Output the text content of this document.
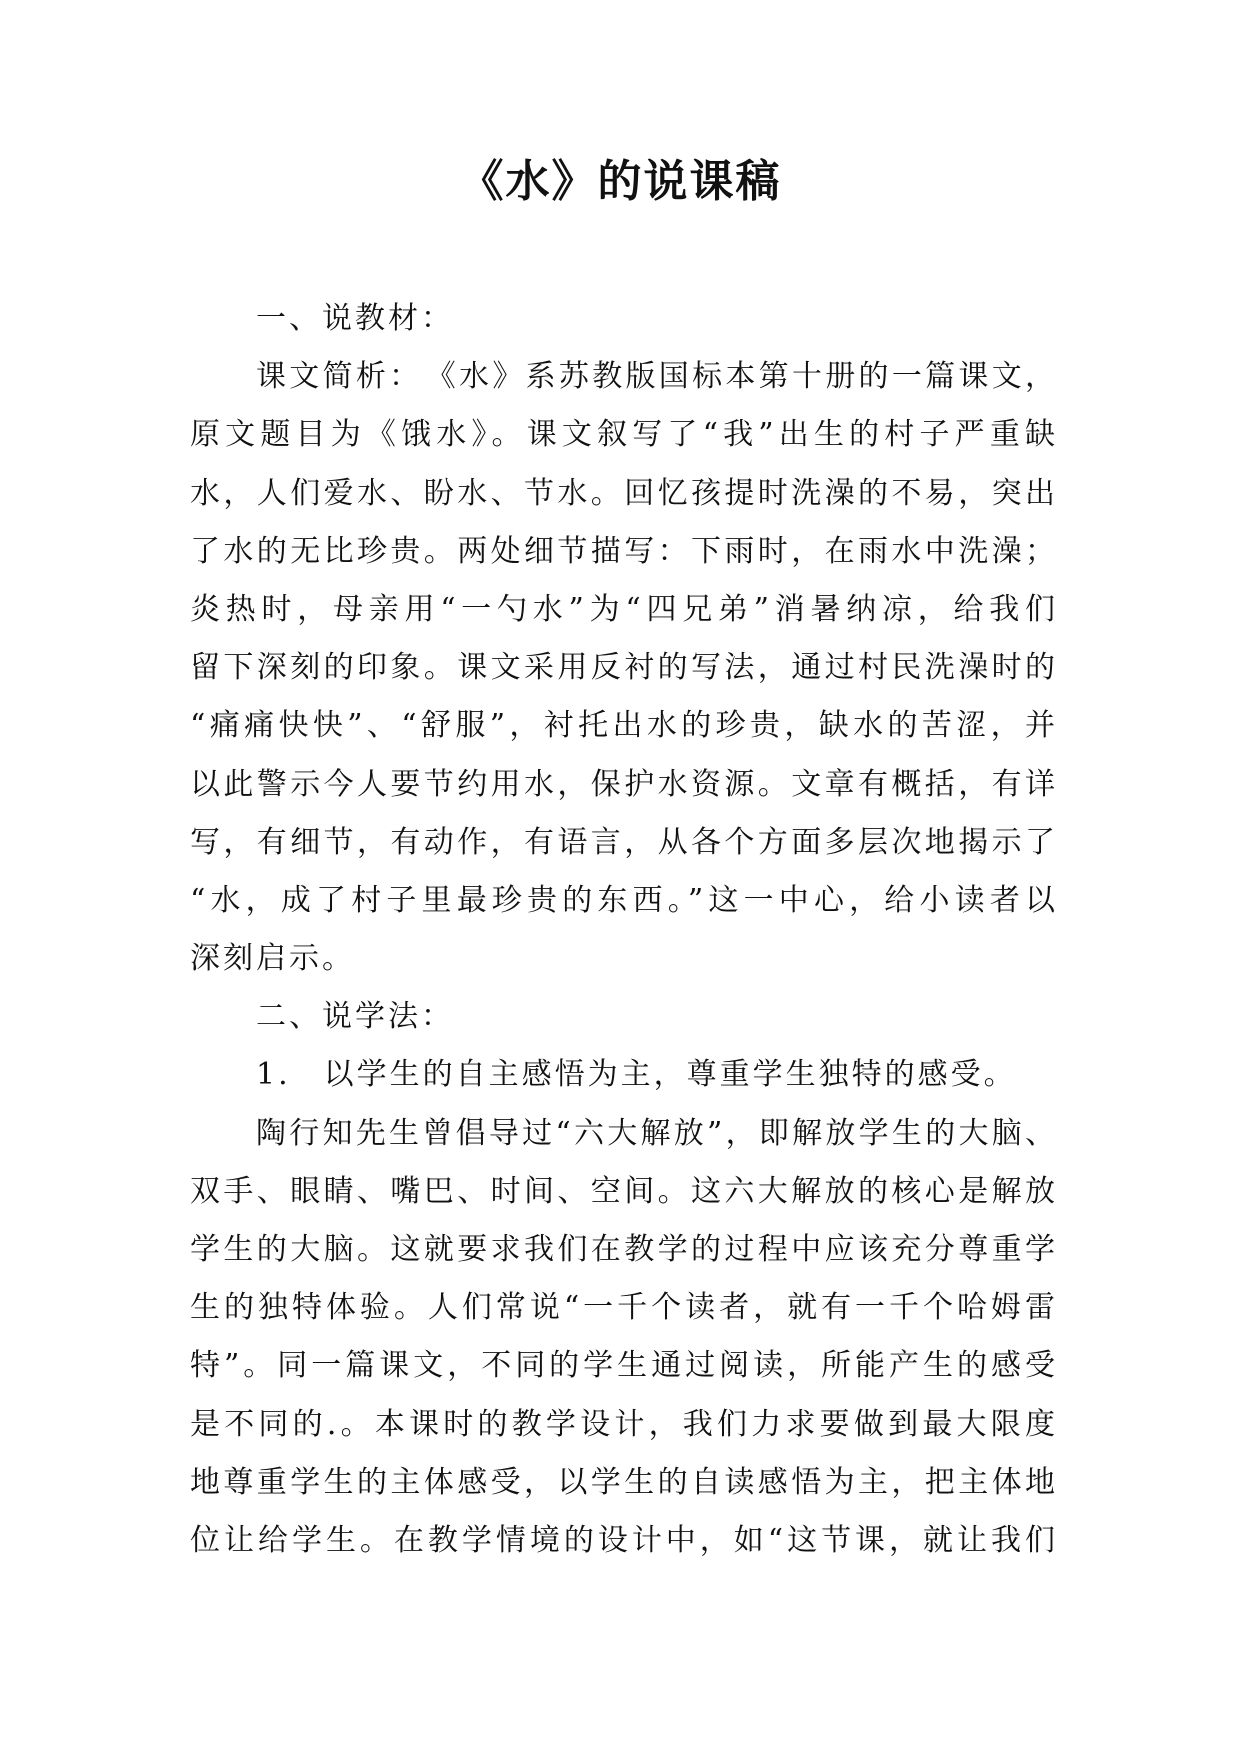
《水》的说课稿
一、说教材：
课文简析：　《水》系苏教版国标本第十册的一篇课文，
原文题目为《饿水》。课文叙写了“我”出生的村子严重缺
水，人们爱水、盼水、节水。回忆孩提时洗澡的不易，突出
了水的无比珍贵。两处细节描写：下雨时，在雨水中洗澡；
炎热时，母亲用“一勺水”为“四兄弟”消暑纳凉，给我们
留下深刻的印象。课文采用反衬的写法，通过村民洗澡时的
“痛痛快快”、“舒服”，衬托出水的珍贵，缺水的苦涩，并
以此警示今人要节约用水，保护水资源。文章有概括，有详
写，有细节，有动作，有语言，从各个方面多层次地揭示了
“水，成了村子里最珍贵的东西。”这一中心，给小读者以
深刻启示。
二、说学法：
1.　以学生的自主感悟为主，尊重学生独特的感受。
陶行知先生曾倡导过“六大解放”，即解放学生的大脑、
双手、眼睛、嘴巴、时间、空间。这六大解放的核心是解放
学生的大脑。这就要求我们在教学的过程中应该充分尊重学
生的独特体验。人们常说“一千个读者，就有一千个哈姆雷
特”。同一篇课文，不同的学生通过阅读，所能产生的感受
是不同的.。本课时的教学设计，我们力求要做到最大限度
地尊重学生的主体感受，以学生的自读感悟为主，把主体地
位让给学生。在教学情境的设计中，如“这节课，就让我们
